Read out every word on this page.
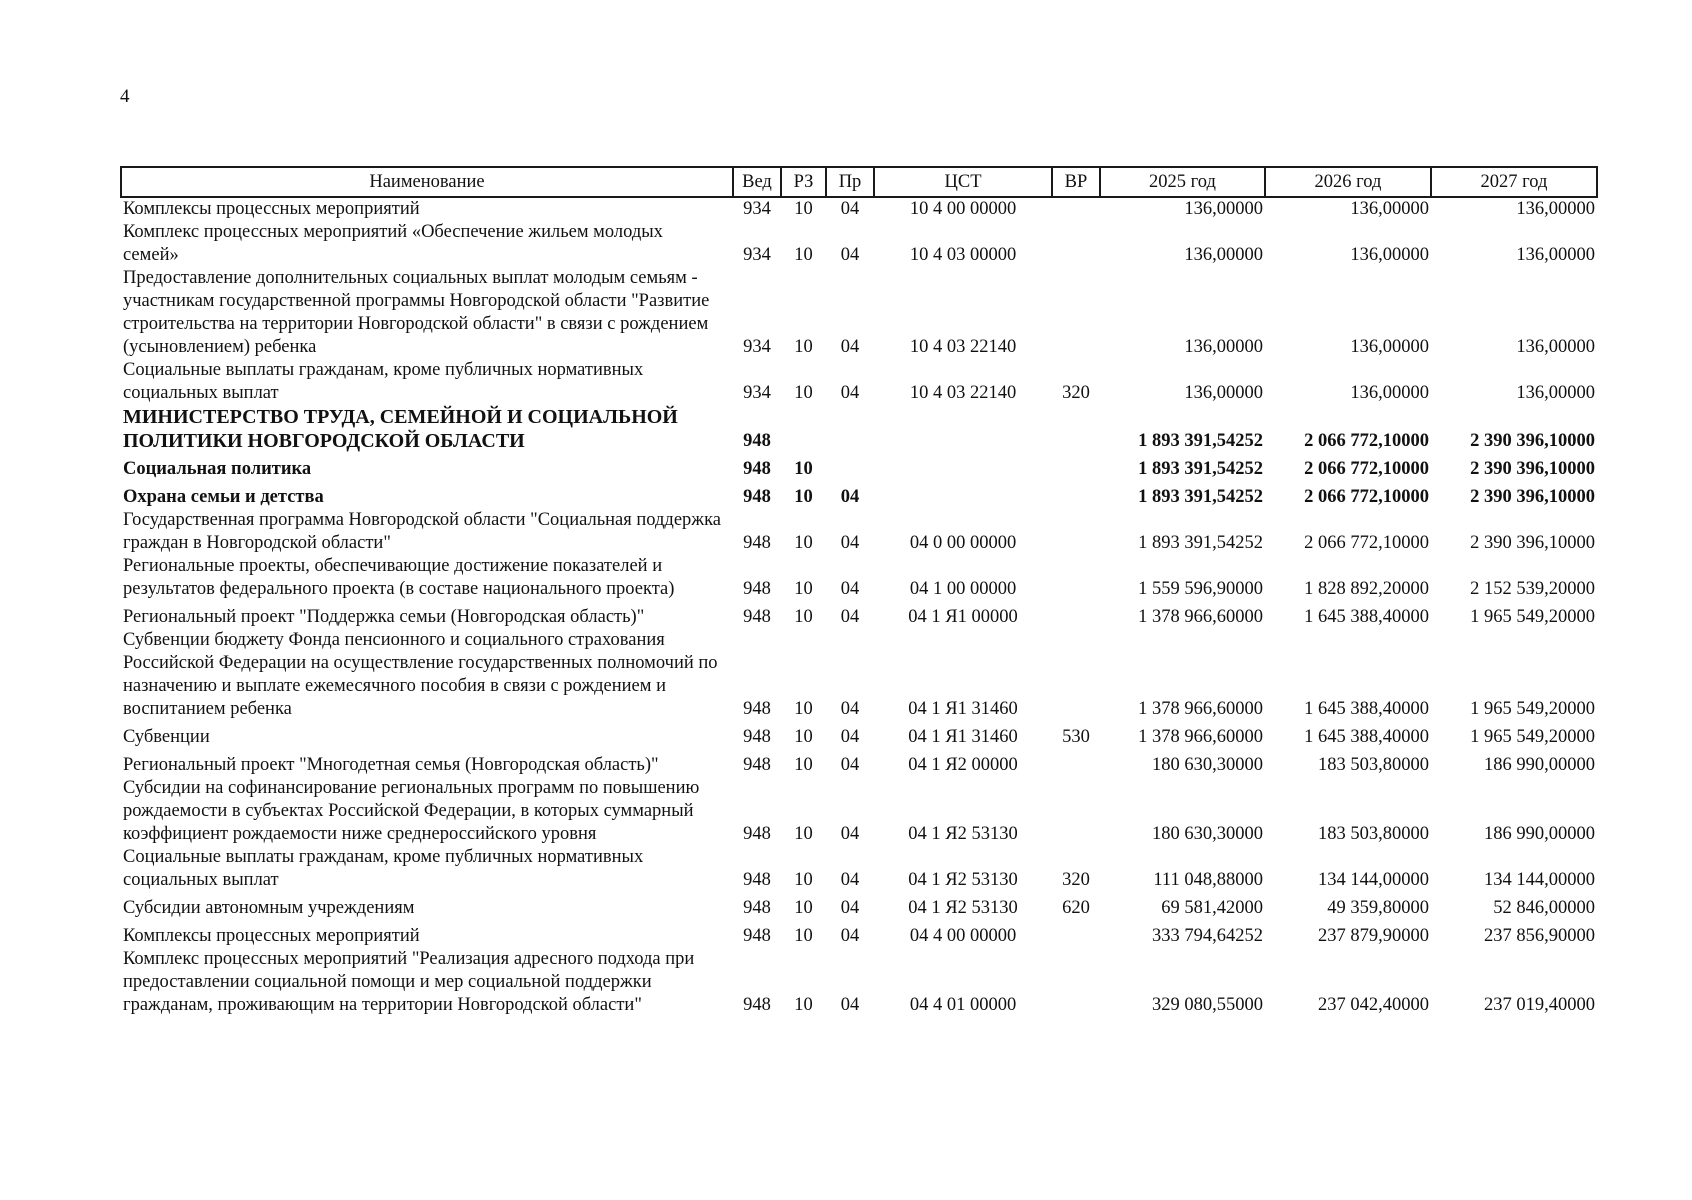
4
Наименование	Вед	РЗ	Пр	ЦСТ	ВР	2025 год	2026 год	2027 год
Комплексы процессных мероприятий	934	10	04	10 4 00 00000		136,00000	136,00000	136,00000
Комплекс процессных мероприятий «Обеспечение жильем молодых семей»	934	10	04	10 4 03 00000		136,00000	136,00000	136,00000
Предоставление дополнительных социальных выплат молодым семьям - участникам государственной программы Новгородской области "Развитие строительства на территории Новгородской области" в связи с рождением (усыновлением) ребенка	934	10	04	10 4 03 22140		136,00000	136,00000	136,00000
Социальные выплаты гражданам, кроме публичных нормативных социальных выплат	934	10	04	10 4 03 22140	320	136,00000	136,00000	136,00000
МИНИСТЕРСТВО ТРУДА, СЕМЕЙНОЙ И СОЦИАЛЬНОЙ ПОЛИТИКИ НОВГОРОДСКОЙ ОБЛАСТИ	948					1 893 391,54252	2 066 772,10000	2 390 396,10000
Социальная политика	948	10				1 893 391,54252	2 066 772,10000	2 390 396,10000
Охрана семьи и детства	948	10	04			1 893 391,54252	2 066 772,10000	2 390 396,10000
Государственная программа Новгородской области "Социальная поддержка граждан в Новгородской области"	948	10	04	04 0 00 00000		1 893 391,54252	2 066 772,10000	2 390 396,10000
Региональные проекты, обеспечивающие достижение показателей и результатов федерального проекта (в составе национального проекта)	948	10	04	04 1 00 00000		1 559 596,90000	1 828 892,20000	2 152 539,20000
Региональный проект "Поддержка семьи (Новгородская область)"	948	10	04	04 1 Я1 00000		1 378 966,60000	1 645 388,40000	1 965 549,20000
Субвенции бюджету Фонда пенсионного и социального страхования Российской Федерации на осуществление государственных полномочий по назначению и выплате ежемесячного пособия в связи с рождением и воспитанием ребенка	948	10	04	04 1 Я1 31460		1 378 966,60000	1 645 388,40000	1 965 549,20000
Субвенции	948	10	04	04 1 Я1 31460	530	1 378 966,60000	1 645 388,40000	1 965 549,20000
Региональный проект "Многодетная семья (Новгородская область)"	948	10	04	04 1 Я2 00000		180 630,30000	183 503,80000	186 990,00000
Субсидии на софинансирование региональных программ по повышению рождаемости в субъектах Российской Федерации, в которых суммарный коэффициент рождаемости ниже среднероссийского уровня	948	10	04	04 1 Я2 53130		180 630,30000	183 503,80000	186 990,00000
Социальные выплаты гражданам, кроме публичных нормативных социальных выплат	948	10	04	04 1 Я2 53130	320	111 048,88000	134 144,00000	134 144,00000
Субсидии автономным учреждениям	948	10	04	04 1 Я2 53130	620	69 581,42000	49 359,80000	52 846,00000
Комплексы процессных мероприятий	948	10	04	04 4 00 00000		333 794,64252	237 879,90000	237 856,90000
Комплекс процессных мероприятий "Реализация адресного подхода при предоставлении социальной помощи и мер социальной поддержки гражданам, проживающим на территории Новгородской области"	948	10	04	04 4 01 00000		329 080,55000	237 042,40000	237 019,40000
